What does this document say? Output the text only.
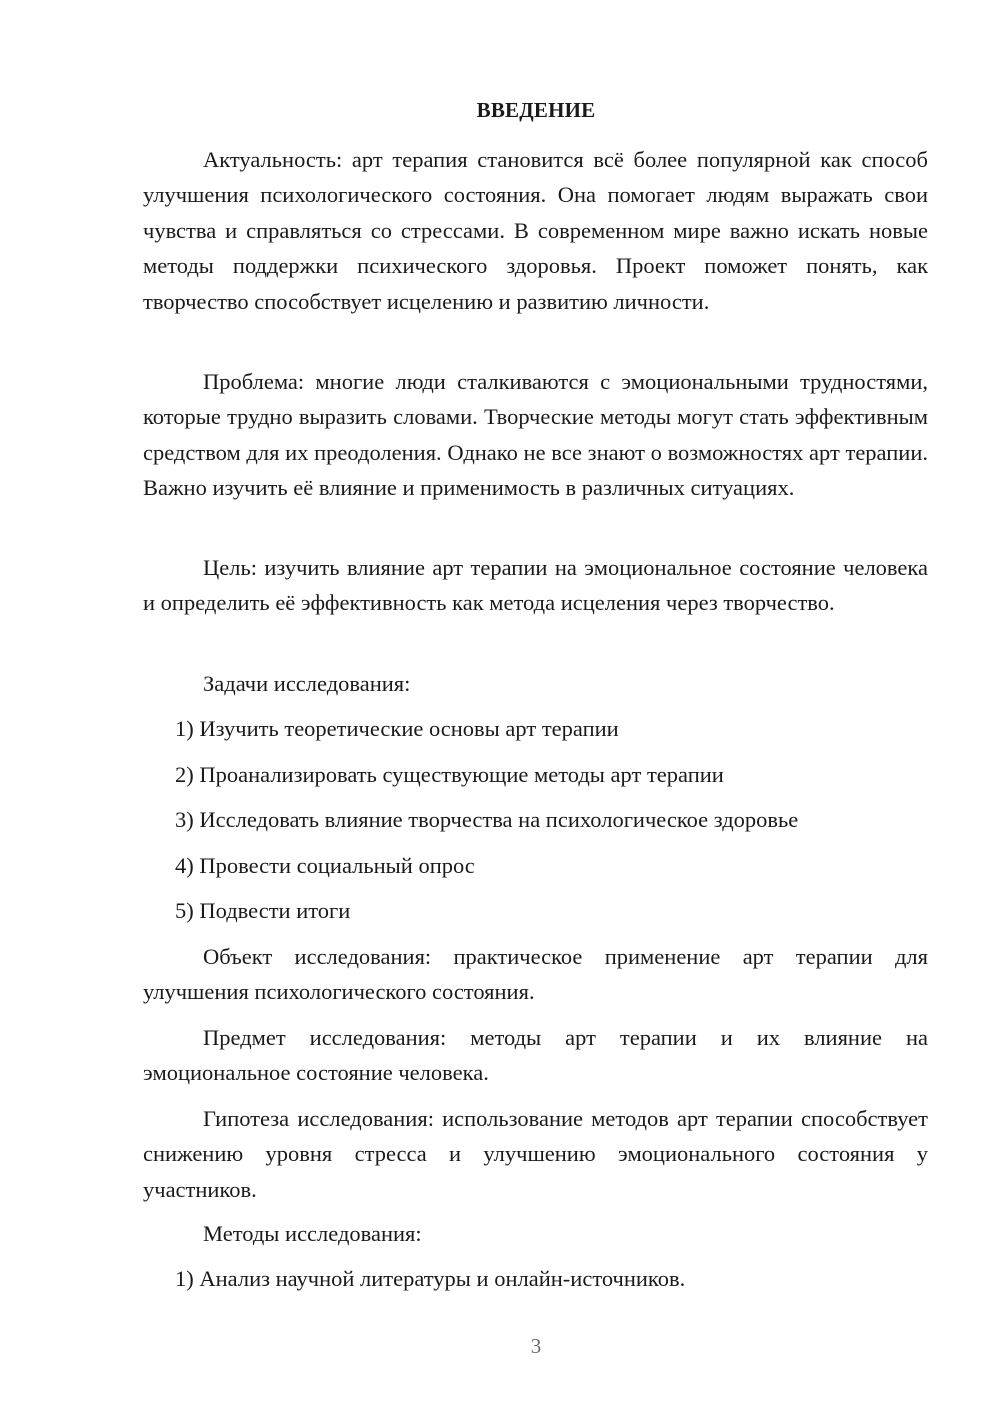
ВВЕДЕНИЕ

Актуальность: арт терапия становится всё более популярной как способ улучшения психологического состояния. Она помогает людям выражать свои чувства и справляться со стрессами. В современном мире важно искать новые методы поддержки психического здоровья. Проект поможет понять, как творчество способствует исцелению и развитию личности.

Проблема: многие люди сталкиваются с эмоциональными трудностями, которые трудно выразить словами. Творческие методы могут стать эффективным средством для их преодоления. Однако не все знают о возможностях арт терапии. Важно изучить её влияние и применимость в различных ситуациях.

Цель: изучить влияние арт терапии на эмоциональное состояние человека и определить её эффективность как метода исцеления через творчество.

Задачи исследования:

1) Изучить теоретические основы арт терапии

2) Проанализировать существующие методы арт терапии

3) Исследовать влияние творчества на психологическое здоровье

4) Провести социальный опрос

5) Подвести итоги

Объект исследования: практическое применение арт терапии для улучшения психологического состояния.

Предмет исследования: методы арт терапии и их влияние на эмоциональное состояние человека.

Гипотеза исследования: использование методов арт терапии способствует снижению уровня стресса и улучшению эмоционального состояния у участников.

Методы исследования:

1) Анализ научной литературы и онлайн-источников.

3
